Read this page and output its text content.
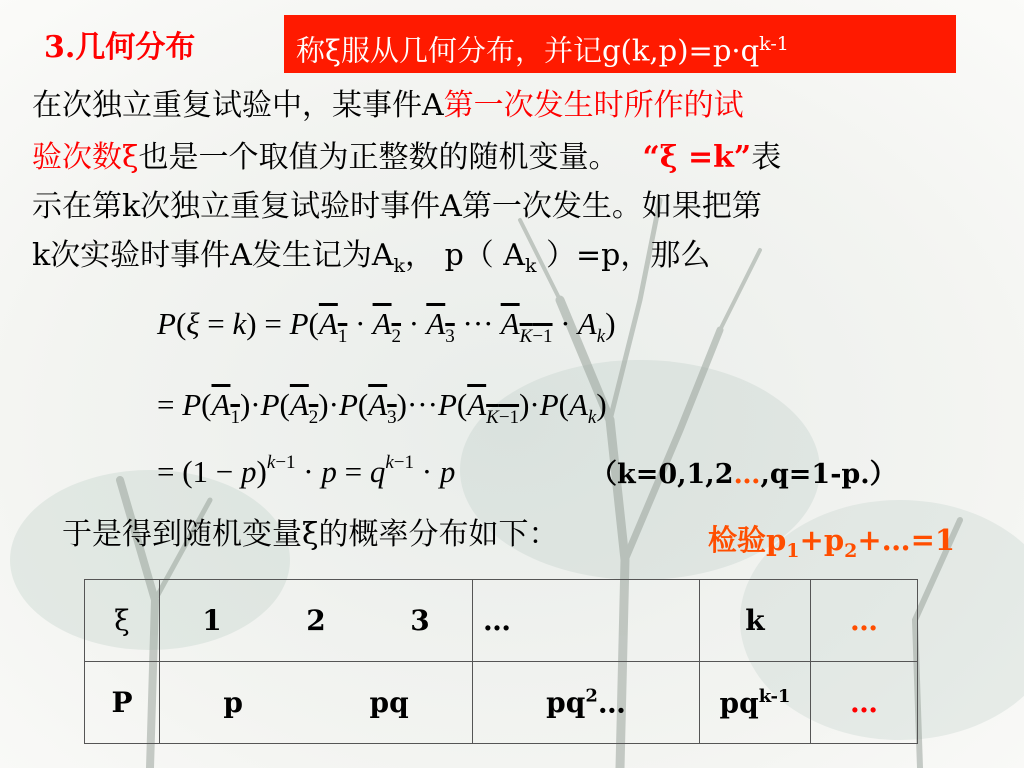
3.几何分布	称ξ服从几何分布，并记$g(k,p)=p\cdot q^{k-1}$
在次独立重复试验中，某事件A第一次发生时所作的试
验次数ξ也是一个取值为正整数的随机变量。 “ξ =k”表
示在第k次独立重复试验时事件A第一次发生。如果把第
k次实验时事件A发生记为$A_k$， p（ $A_k$ ）=p，那么
$P(\xi = k) = P(A_1 \cdot A_2 \cdot A_3$ ··· $A_{K-1} \cdot A_k$)
= $P(A_1)\cdot P(A_2)\cdot P(A_3)\cdot\cdot\cdot P(A_{K-1})\cdot P(A_k)$
= $(1 - p)^{k-1} \cdot p = q^{k-1} \cdot p$	（k=0,1,2…,q=1-p.）
于是得到随机变量ξ的概率分布如下：	检验$p_1+p_2+\dots=1$
ξ	1 2 3	…	k	…
P	p pq	$pq^2\dots$	$pq^{k-1}$	…
